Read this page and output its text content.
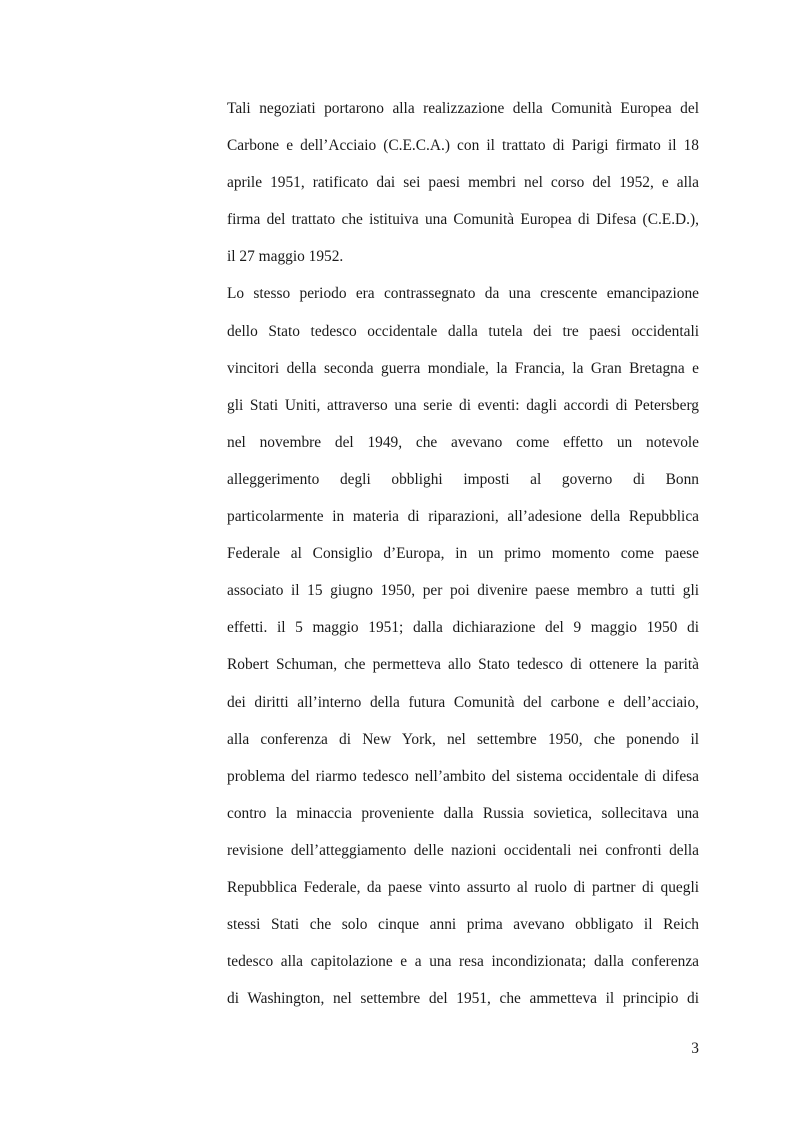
Tali negoziati portarono alla realizzazione della Comunità Europea del
Carbone e dell’Acciaio (C.E.C.A.) con il trattato di Parigi firmato il 18
aprile 1951, ratificato dai sei paesi membri nel corso del 1952, e alla
firma del trattato che istituiva una Comunità Europea di Difesa (C.E.D.),
il 27 maggio 1952.
Lo stesso periodo era contrassegnato da una crescente emancipazione
dello Stato tedesco occidentale dalla tutela dei tre paesi occidentali
vincitori della seconda guerra mondiale, la Francia, la Gran Bretagna e
gli Stati Uniti, attraverso una serie di eventi: dagli accordi di Petersberg
nel novembre del 1949, che avevano come effetto un notevole
alleggerimento degli obblighi imposti al governo di Bonn
particolarmente in materia di riparazioni, all’adesione della Repubblica
Federale al Consiglio d’Europa, in un primo momento come paese
associato il 15 giugno 1950, per poi divenire paese membro a tutti gli
effetti. il 5 maggio 1951; dalla dichiarazione del 9 maggio 1950 di
Robert Schuman, che permetteva allo Stato tedesco di ottenere la parità
dei diritti all’interno della futura Comunità del carbone e dell’acciaio,
alla conferenza di New York, nel settembre 1950, che ponendo il
problema del riarmo tedesco nell’ambito del sistema occidentale di difesa
contro la minaccia proveniente dalla Russia sovietica, sollecitava una
revisione dell’atteggiamento delle nazioni occidentali nei confronti della
Repubblica Federale, da paese vinto assurto al ruolo di partner di quegli
stessi Stati che solo cinque anni prima avevano obbligato il Reich
tedesco alla capitolazione e a una resa incondizionata; dalla conferenza
di Washington, nel settembre del 1951, che ammetteva il principio di
3
